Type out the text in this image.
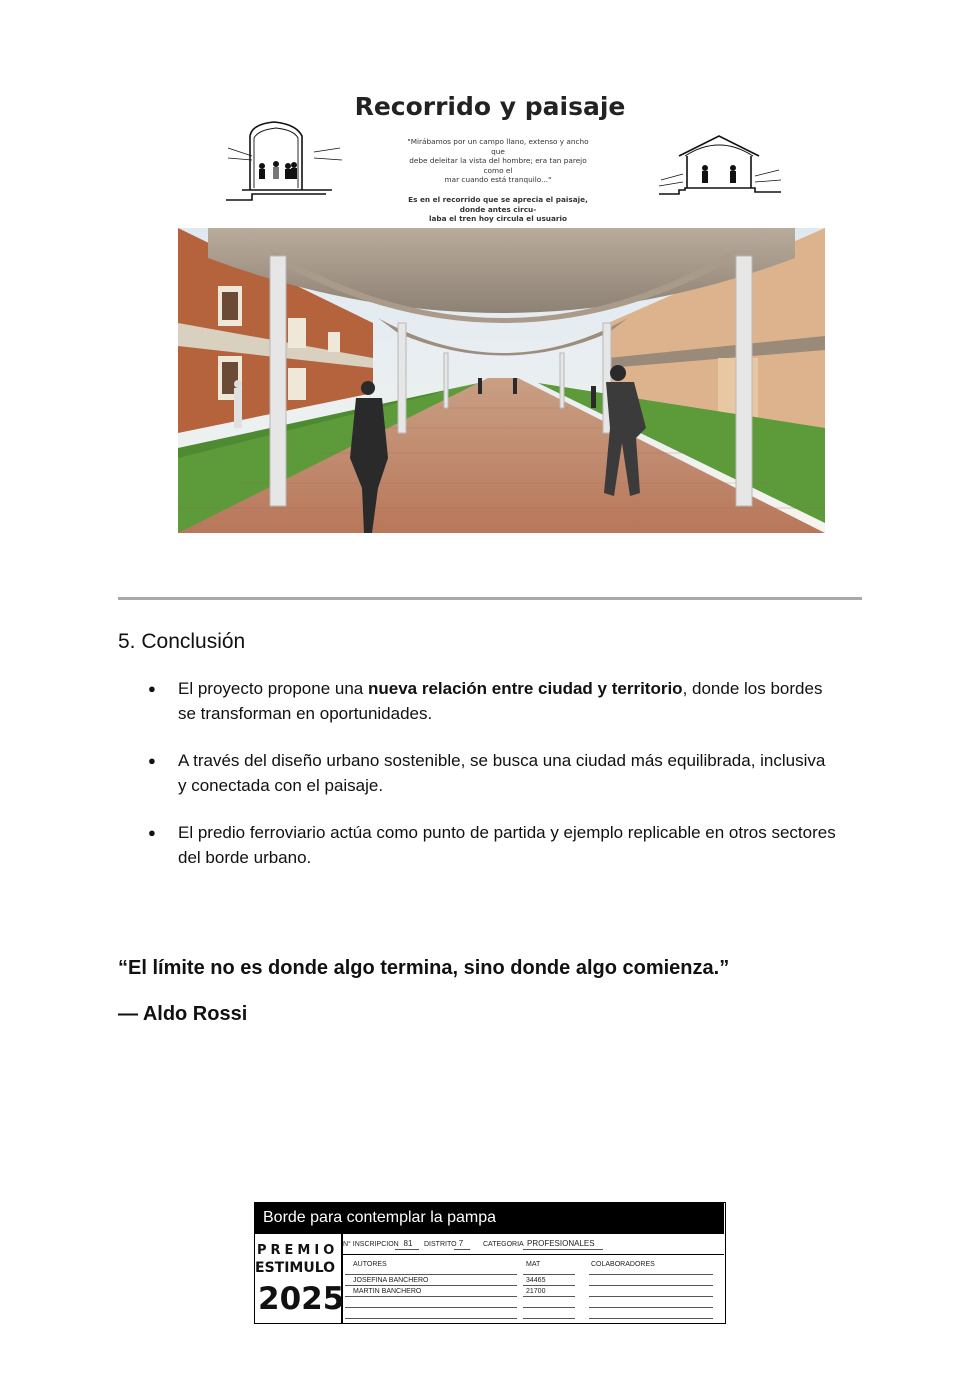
Recorrido y paisaje
"Mirábamos por un campo llano, extenso y ancho que
debe deleitar la vista del hombre; era tan parejo como el
mar cuando está tranquilo..."
Es en el recorrido que se aprecia el paisaje, donde antes circu-
laba el tren hoy circula el usuario
5. Conclusión
● El proyecto propone una nueva relación entre ciudad y territorio, donde los bordes se transforman en oportunidades.
● A través del diseño urbano sostenible, se busca una ciudad más equilibrada, inclusiva y conectada con el paisaje.
● El predio ferroviario actúa como punto de partida y ejemplo replicable en otros sectores del borde urbano.
“El límite no es donde algo termina, sino donde algo comienza.”
— Aldo Rossi
Borde para contemplar la pampa
PREMIO
ESTIMULO
2025
N° INSCRIPCION 81	DISTRITO 7	CATEGORIA PROFESIONALES
AUTORES	MAT	COLABORADORES
JOSEFINA BANCHERO	34465
MARTIN BANCHERO	21700
